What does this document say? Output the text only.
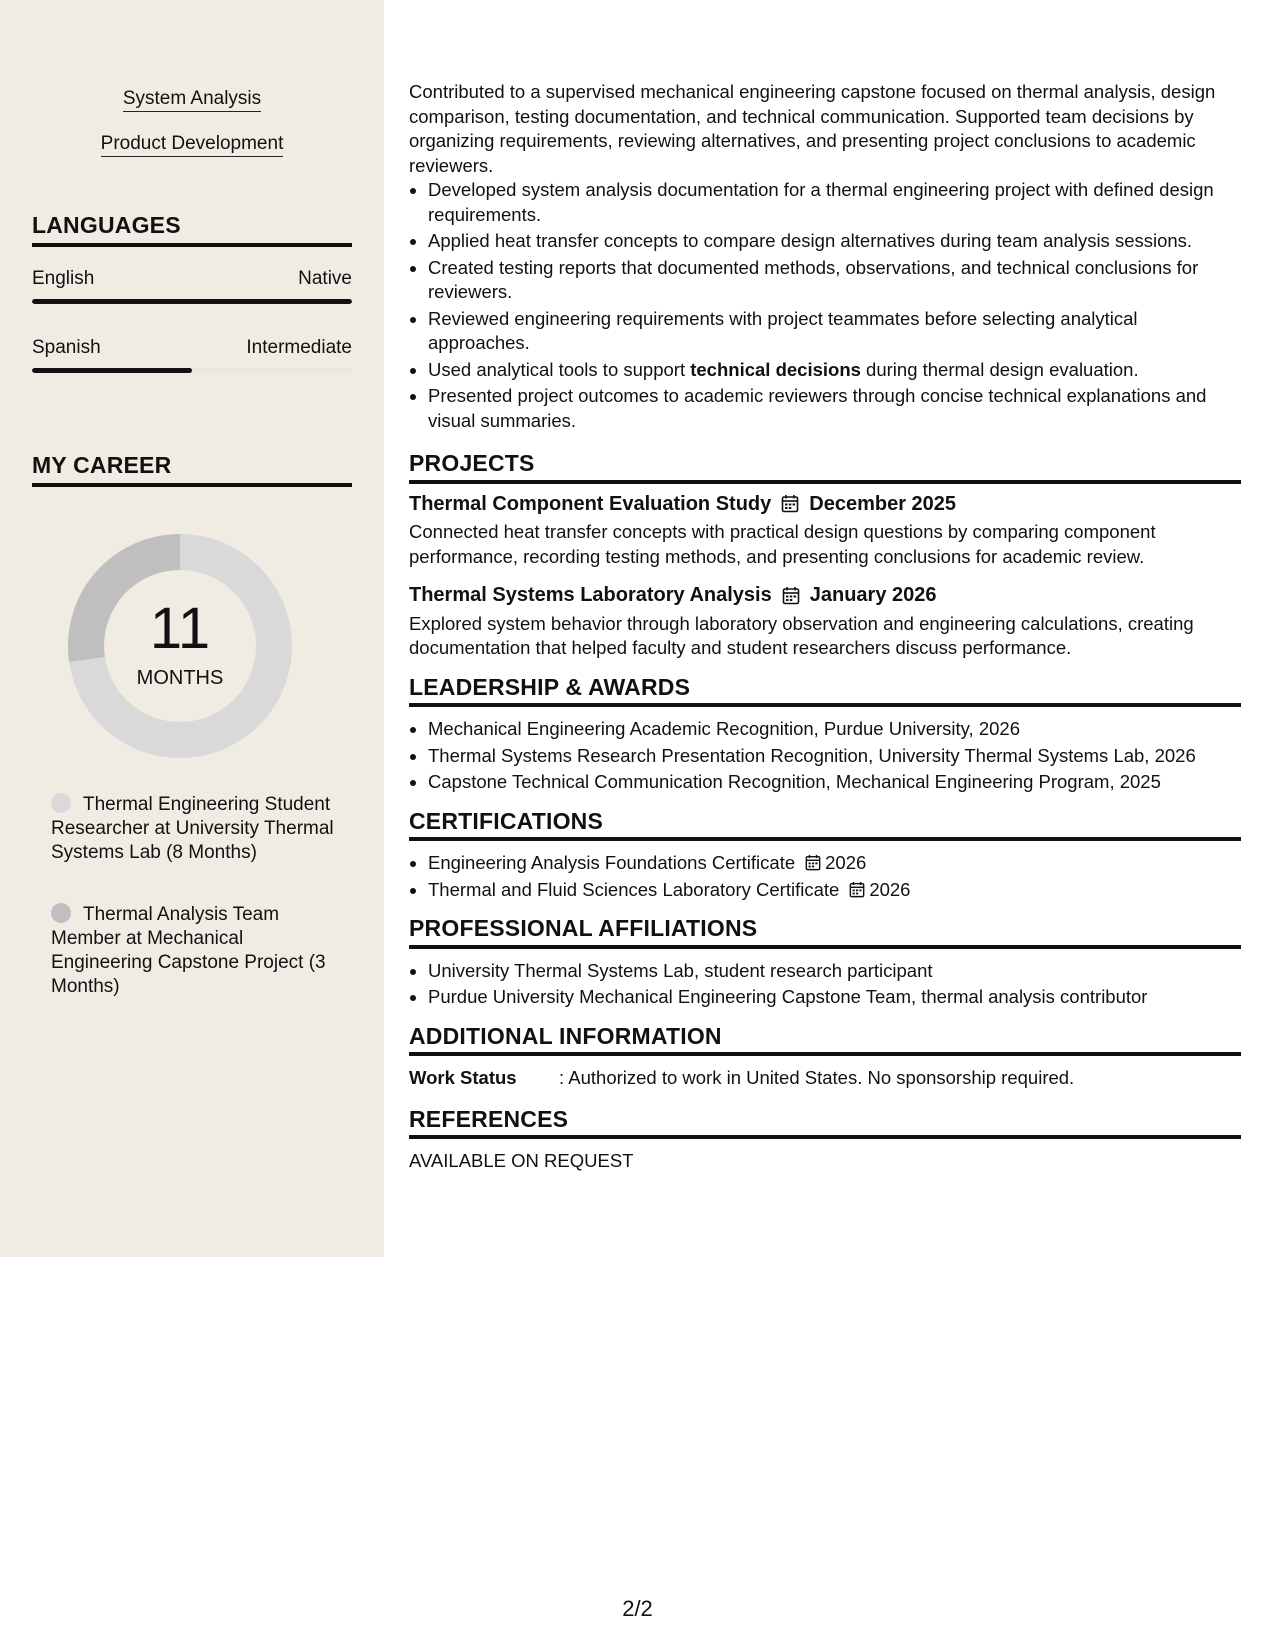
System Analysis
Product Development
LANGUAGES
English	Native
Spanish	Intermediate
MY CAREER
11
MONTHS
Thermal Engineering Student Researcher at University Thermal Systems Lab (8 Months)
Thermal Analysis Team Member at Mechanical Engineering Capstone Project (3 Months)

Contributed to a supervised mechanical engineering capstone focused on thermal analysis, design comparison, testing documentation, and technical communication. Supported team decisions by organizing requirements, reviewing alternatives, and presenting project conclusions to academic reviewers.

• Developed system analysis documentation for a thermal engineering project with defined design requirements.
• Applied heat transfer concepts to compare design alternatives during team analysis sessions.
• Created testing reports that documented methods, observations, and technical conclusions for reviewers.
• Reviewed engineering requirements with project teammates before selecting analytical approaches.
• Used analytical tools to support technical decisions during thermal design evaluation.
• Presented project outcomes to academic reviewers through concise technical explanations and visual summaries.
PROJECTS
Thermal Component Evaluation Study December 2025

Connected heat transfer concepts with practical design questions by comparing component performance, recording testing methods, and presenting conclusions for academic review.

Thermal Systems Laboratory Analysis January 2026

Explored system behavior through laboratory observation and engineering calculations, creating documentation that helped faculty and student researchers discuss performance.

LEADERSHIP & AWARDS
• Mechanical Engineering Academic Recognition, Purdue University, 2026
• Thermal Systems Research Presentation Recognition, University Thermal Systems Lab, 2026
• Capstone Technical Communication Recognition, Mechanical Engineering Program, 2025
CERTIFICATIONS
• Engineering Analysis Foundations Certificate 2026
• Thermal and Fluid Sciences Laboratory Certificate 2026
PROFESSIONAL AFFILIATIONS
• University Thermal Systems Lab, student research participant
• Purdue University Mechanical Engineering Capstone Team, thermal analysis contributor
ADDITIONAL INFORMATION

Work Status : Authorized to work in United States. No sponsorship required.

REFERENCES

AVAILABLE ON REQUEST

2/2
